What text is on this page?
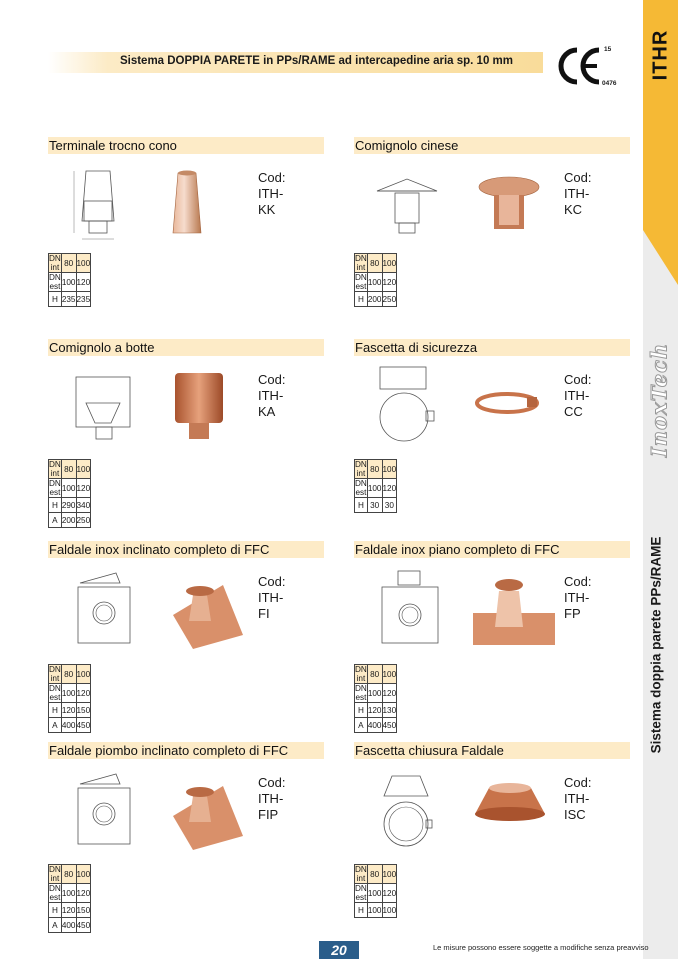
ITHR
InoxTech
Sistema doppia parete PPs/RAME
Sistema DOPPIA PARETE in PPs/RAME ad intercapedine aria sp. 10 mm
15
0476
Terminale trocno cono
Cod:
ITH-KK
DN int	80	100
DN est	100	120
H	235	235
Comignolo cinese
Cod:
ITH-KC
DN int	80	100
DN est	100	120
H	200	250
Comignolo a botte
Cod:
ITH-KA
DN int	80	100
DN est	100	120
H	290	340
A	200	250
Fascetta di sicurezza
Cod:
ITH-CC
DN int	80	100
DN est	100	120
H	30	30
Faldale inox inclinato completo di FFC
Cod:
ITH-FI
DN int	80	100
DN est	100	120
H	120	150
A	400	450
Faldale inox piano completo di FFC
Cod:
ITH-FP
DN int	80	100
DN est	100	120
H	120	130
A	400	450
Faldale piombo inclinato completo di FFC
Cod:
ITH-FIP
DN int	80	100
DN est	100	120
H	120	150
A	400	450
Fascetta chiusura Faldale
Cod:
ITH-ISC
DN int	80	100
DN est	100	120
H	100	100
20	Le misure possono essere soggette a modifiche senza preavviso
